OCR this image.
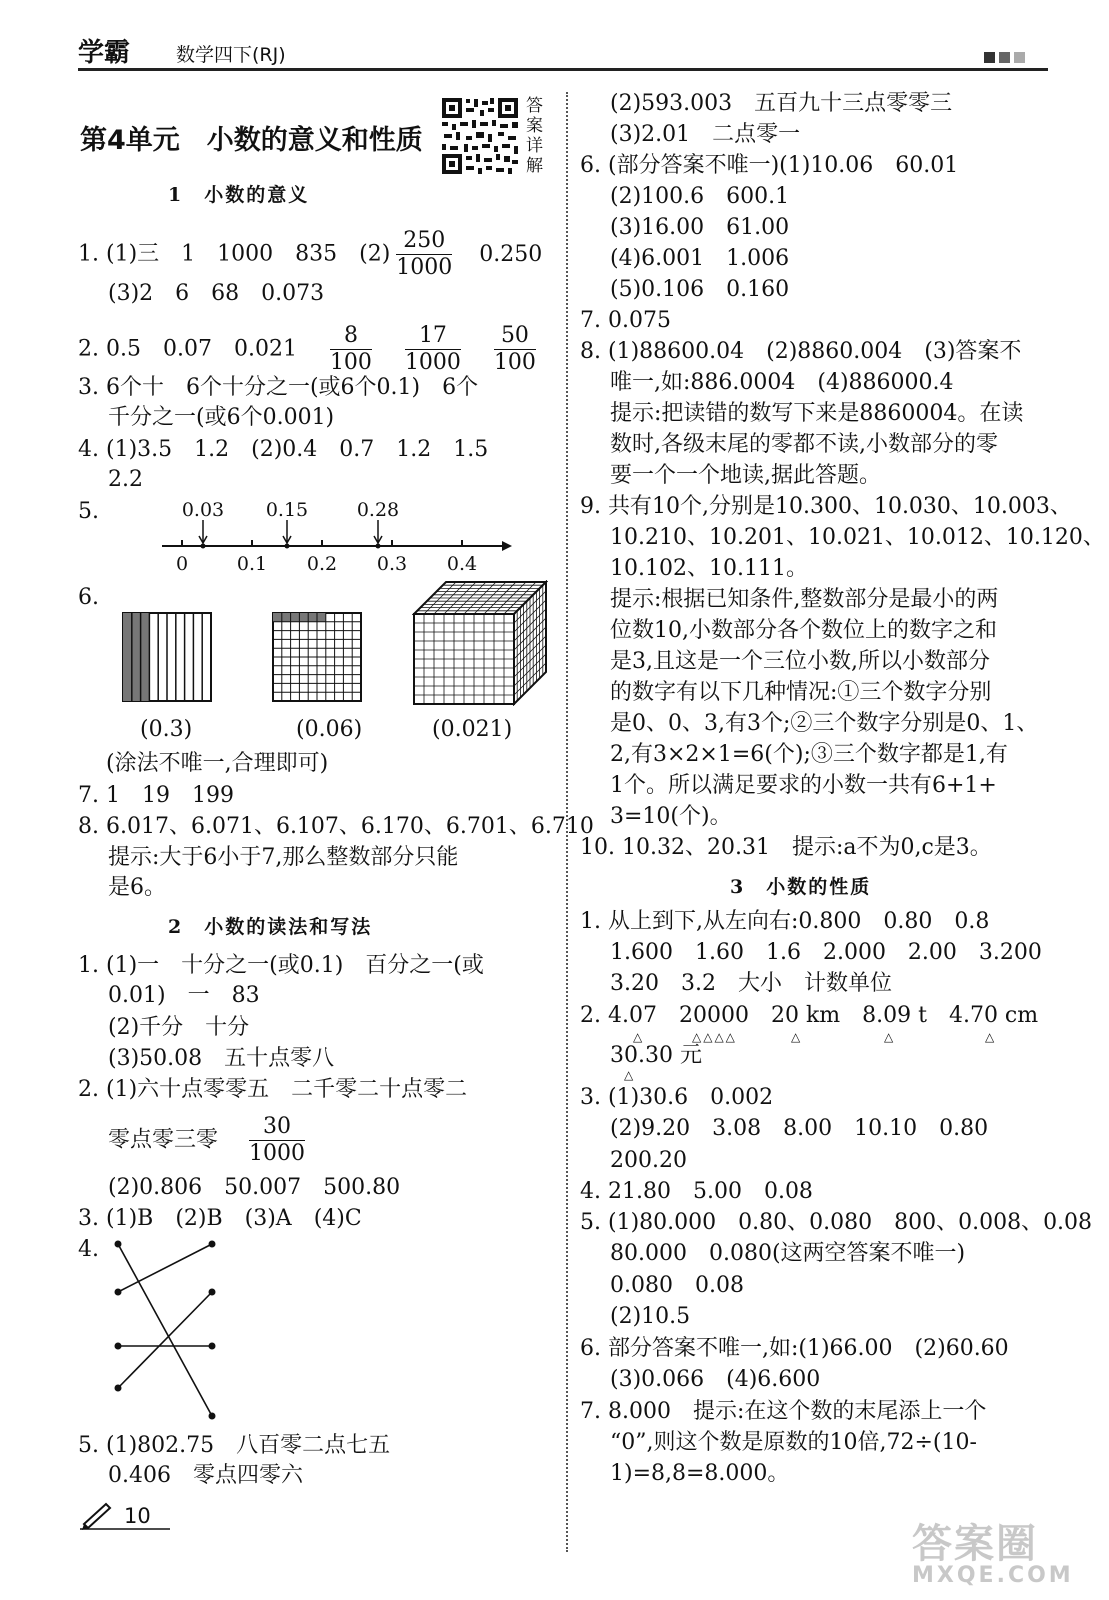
学霸 数学四下(RJ)
第4单元　小数的意义和性质
答案详解
1　小数的意义
1. (1)三　1　1000　835　$(2) \frac{250}{1000} 0.250$
(3)2　6　68　0.073
2. 0.5　0.07　$0.021 \frac{8}{100}$
$\frac{17}{1000}$
$\frac{50}{100}$
3. 6个十　6个十分之一(或6个0.1)　6个
千分之一(或6个0.001)
4. (1)3.5　1.2　(2)0.4　0.7　1.2　1.5
2.2
5.	0.03 0.15	0.28
0	0.1 0.2 0.3 0.4
6.
(0.3)	(0.06)	(0.021)
(涂法不唯一,合理即可)
7. 1　19　199
8. 6.017、6.071、6.107、6.170、6.701、6.710
提示:大于6小于7,那么整数部分只能
是6。
2　小数的读法和写法
1. (1)一　十分之一(或0.1)　百分之一(或
0.01)　一　83
(2)千分　十分
(3)50.08　五十点零八
2. (1)六十点零零五　二千零二十点零二
零点零三零 $\frac{30}{1000}$
(2)0.806　50.007　500.80
3. (1)B　(2)B　(3)A　(4)C
4.
5. (1)802.75　八百零二点七五
0.406　零点四零六
(2)593.003　五百九十三点零零三
(3)2.01　二点零一
6. (部分答案不唯一)(1)10.06　60.01
(2)100.6　600.1
(3)16.00　61.00
(4)6.001　1.006
(5)0.106　0.160
7. 0.075
8. (1)88600.04　(2)8860.004　(3)答案不
唯一,如:886.0004　(4)886000.4
提示:把读错的数写下来是8860004。在读
数时,各级末尾的零都不读,小数部分的零
要一个一个地读,据此答题。
9. 共有10个,分别是10.300、10.030、10.003、
10.210、10.201、10.021、10.012、10.120、
10.102、10.111。
提示:根据已知条件,整数部分是最小的两
位数10,小数部分各个数位上的数字之和
是3,且这是一个三位小数,所以小数部分
的数字有以下几种情况:①三个数字分别
是0、0、3,有3个;②三个数字分别是0、1、
2,有3×2×1=6(个);③三个数字都是1,有
1个。所以满足要求的小数一共有6+1+
3=10(个)。
10. 10.32、20.31　提示:a不为0,c是3。
3　小数的性质
1. 从上到下,从左向右:0.800　0.80　0.8
1.600　1.60　1.6　2.000　2.00　3.200
3.20　3.2　大小　计数单位
2. 4.07　20000　20 km　8.09 t　4.70 cm
△	△△△△	△	△	△
30.30 元
△
3. (1)30.6　0.002
(2)9.20　3.08　8.00　10.10　0.80
200.20
4. 21.80　5.00　0.08
5. (1)80.000　0.80、0.080　800、0.008、0.08
80.000　0.080(这两空答案不唯一)
0.080　0.08
(2)10.5
6. 部分答案不唯一,如:(1)66.00　(2)60.60
(3)0.066　(4)6.600
7. 8.000　提示:在这个数的末尾添上一个
“0”,则这个数是原数的10倍,72÷(10-
1)=8,8=8.000。
10
答案圈
MXQE.COM
